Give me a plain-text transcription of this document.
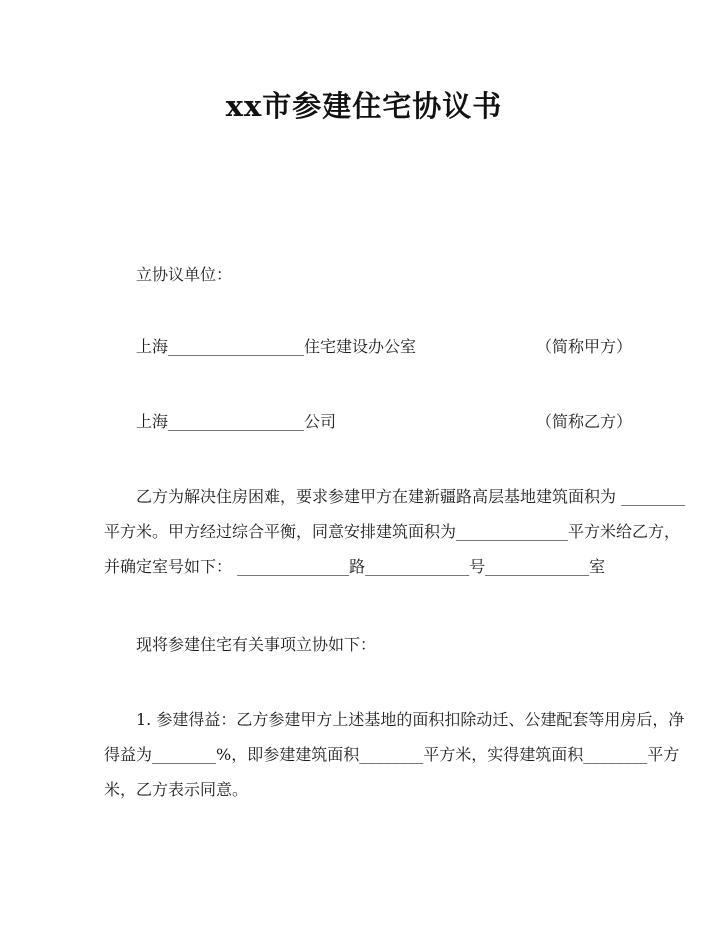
xx市参建住宅协议书

立协议单位：

上海_________________住宅建设办公室	（简称甲方）
上海_________________公司	（简称乙方）
乙方为解决住房困难，要求参建甲方在建新疆路高层基地建筑面积为 ________
平方米。甲方经过综合平衡，同意安排建筑面积为______________平方米给乙方，
并确定室号如下： ______________路_____________号_____________室

现将参建住宅有关事项立协如下：

1. 参建得益：乙方参建甲方上述基地的面积扣除动迁、公建配套等用房后，净
得益为________%，即参建建筑面积________平方米，实得建筑面积________平方
米，乙方表示同意。
